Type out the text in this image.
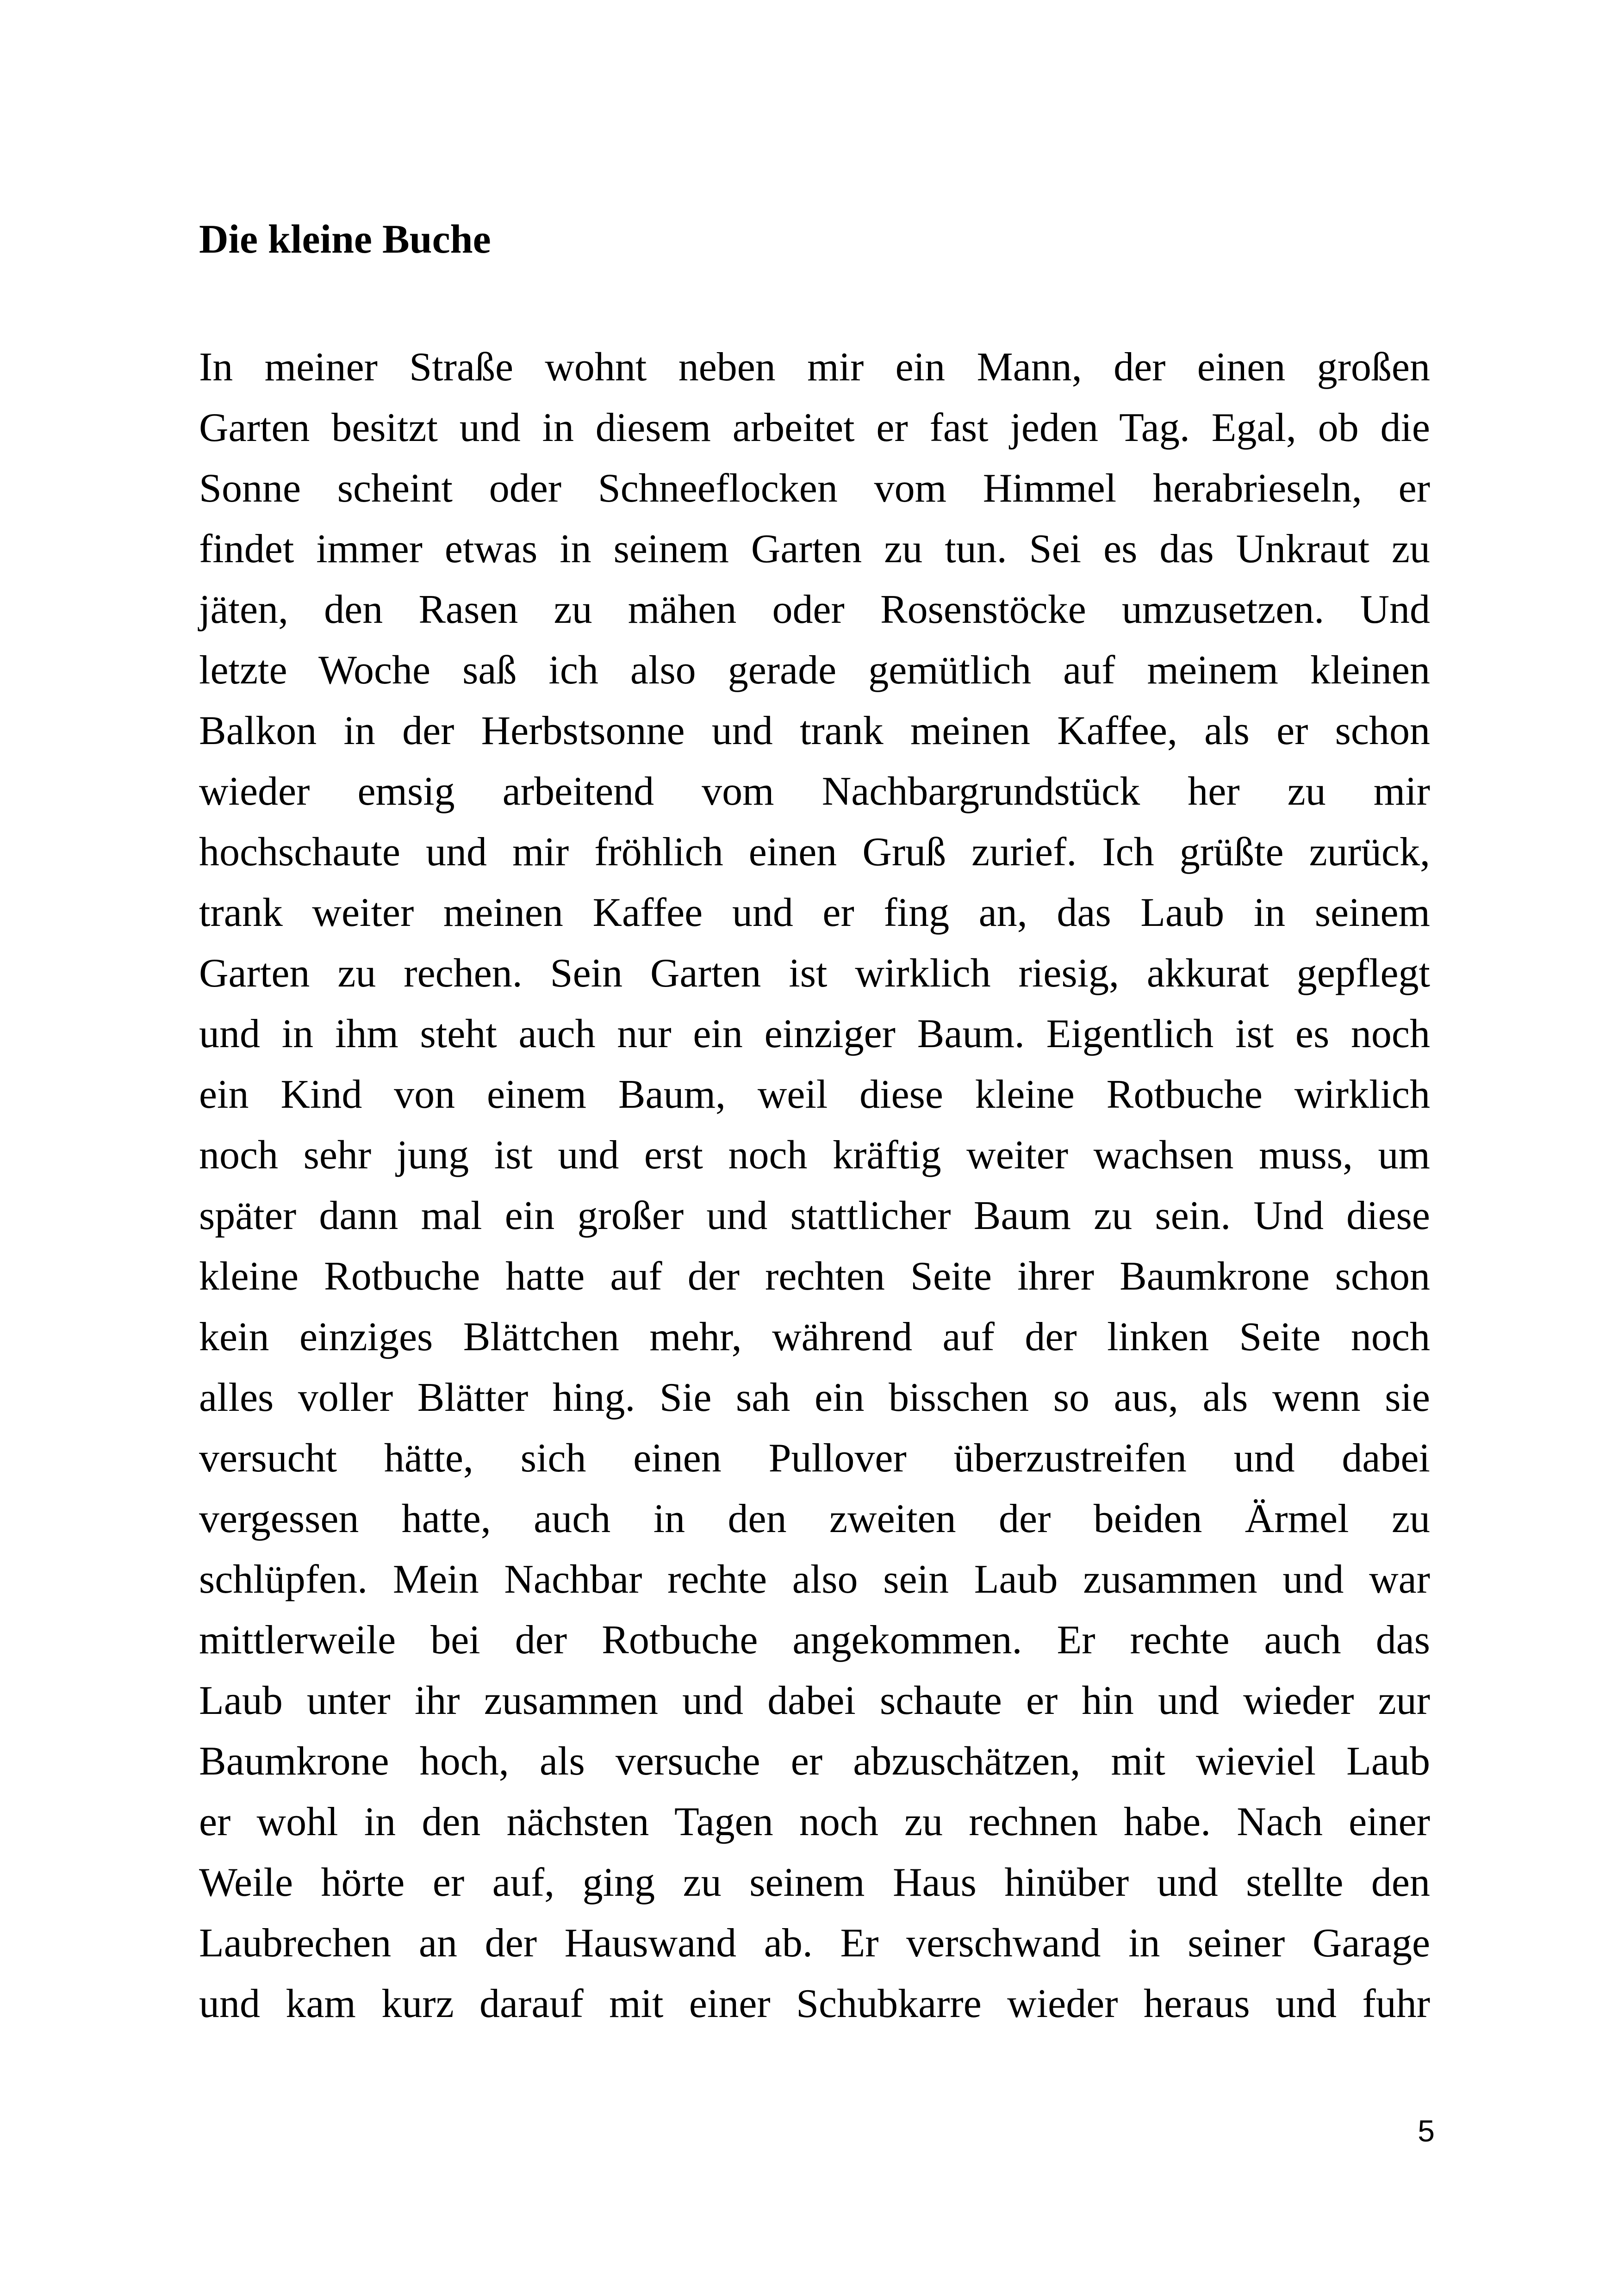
Die kleine Buche
In meiner Straße wohnt neben mir ein Mann, der einen großen
Garten besitzt und in diesem arbeitet er fast jeden Tag. Egal, ob die
Sonne scheint oder Schneeflocken vom Himmel herabrieseln, er
findet immer etwas in seinem Garten zu tun. Sei es das Unkraut zu
jäten, den Rasen zu mähen oder Rosenstöcke umzusetzen. Und
letzte Woche saß ich also gerade gemütlich auf meinem kleinen
Balkon in der Herbstsonne und trank meinen Kaffee, als er schon
wieder emsig arbeitend vom Nachbargrundstück her zu mir
hochschaute und mir fröhlich einen Gruß zurief. Ich grüßte zurück,
trank weiter meinen Kaffee und er fing an, das Laub in seinem
Garten zu rechen. Sein Garten ist wirklich riesig, akkurat gepflegt
und in ihm steht auch nur ein einziger Baum. Eigentlich ist es noch
ein Kind von einem Baum, weil diese kleine Rotbuche wirklich
noch sehr jung ist und erst noch kräftig weiter wachsen muss, um
später dann mal ein großer und stattlicher Baum zu sein. Und diese
kleine Rotbuche hatte auf der rechten Seite ihrer Baumkrone schon
kein einziges Blättchen mehr, während auf der linken Seite noch
alles voller Blätter hing. Sie sah ein bisschen so aus, als wenn sie
versucht hätte, sich einen Pullover überzustreifen und dabei
vergessen hatte, auch in den zweiten der beiden Ärmel zu
schlüpfen. Mein Nachbar rechte also sein Laub zusammen und war
mittlerweile bei der Rotbuche angekommen. Er rechte auch das
Laub unter ihr zusammen und dabei schaute er hin und wieder zur
Baumkrone hoch, als versuche er abzuschätzen, mit wieviel Laub
er wohl in den nächsten Tagen noch zu rechnen habe. Nach einer
Weile hörte er auf, ging zu seinem Haus hinüber und stellte den
Laubrechen an der Hauswand ab. Er verschwand in seiner Garage
und kam kurz darauf mit einer Schubkarre wieder heraus und fuhr
5
